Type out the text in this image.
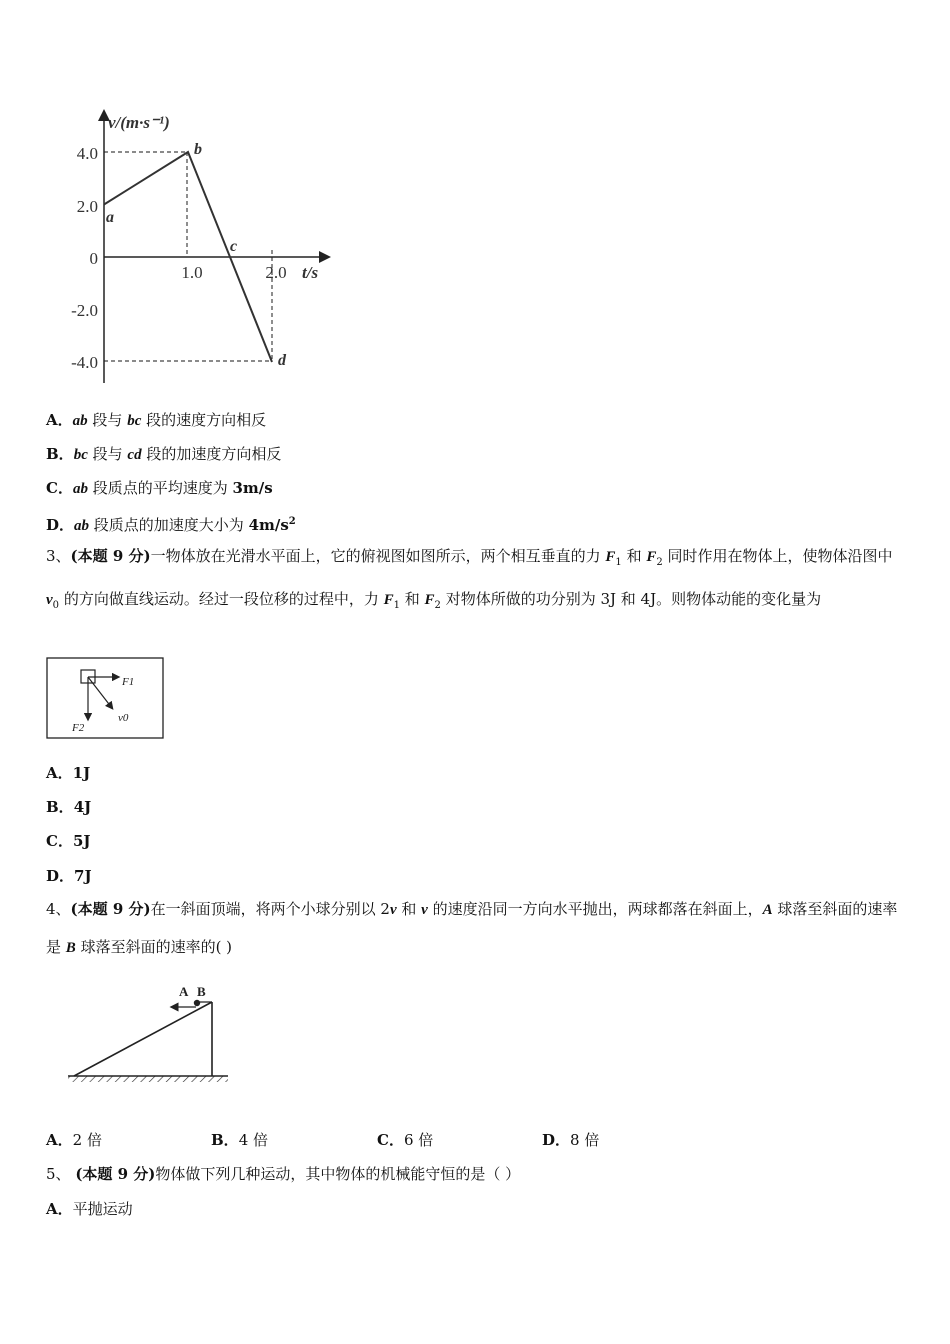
v/(m·s⁻¹)
t/s
4.0
2.0
0
-2.0
-4.0
1.0	2.0
a
b
c
d
A．ab 段与 bc 段的速度方向相反
B．bc 段与 cd 段的加速度方向相反
C．ab 段质点的平均速度为 3m/s
D．ab 段质点的加速度大小为 $4m/s^2$
3、(本题 9 分)一物体放在光滑水平面上，它的俯视图如图所示，两个相互垂直的力 $F_1$ 和 $F_2$ 同时作用在物体上，使物体沿图中 $v_0$ 的方向做直线运动。经过一段位移的过程中，力 $F_1$ 和 $F_2$ 对物体所做的功分别为 3J 和 4J。则物体动能的变化量为
F1
F2
v0
A．1J
B．4J
C．5J
D．7J
4、(本题 9 分)在一斜面顶端，将两个小球分别以 2v 和 v 的速度沿同一方向水平抛出，两球都落在斜面上，A 球落至斜面的速率是 B 球落至斜面的速率的( )
A B
A．2 倍	B．4 倍	C．6 倍	D．8 倍
5、 (本题 9 分)物体做下列几种运动，其中物体的机械能守恒的是（ ）
A．平抛运动
